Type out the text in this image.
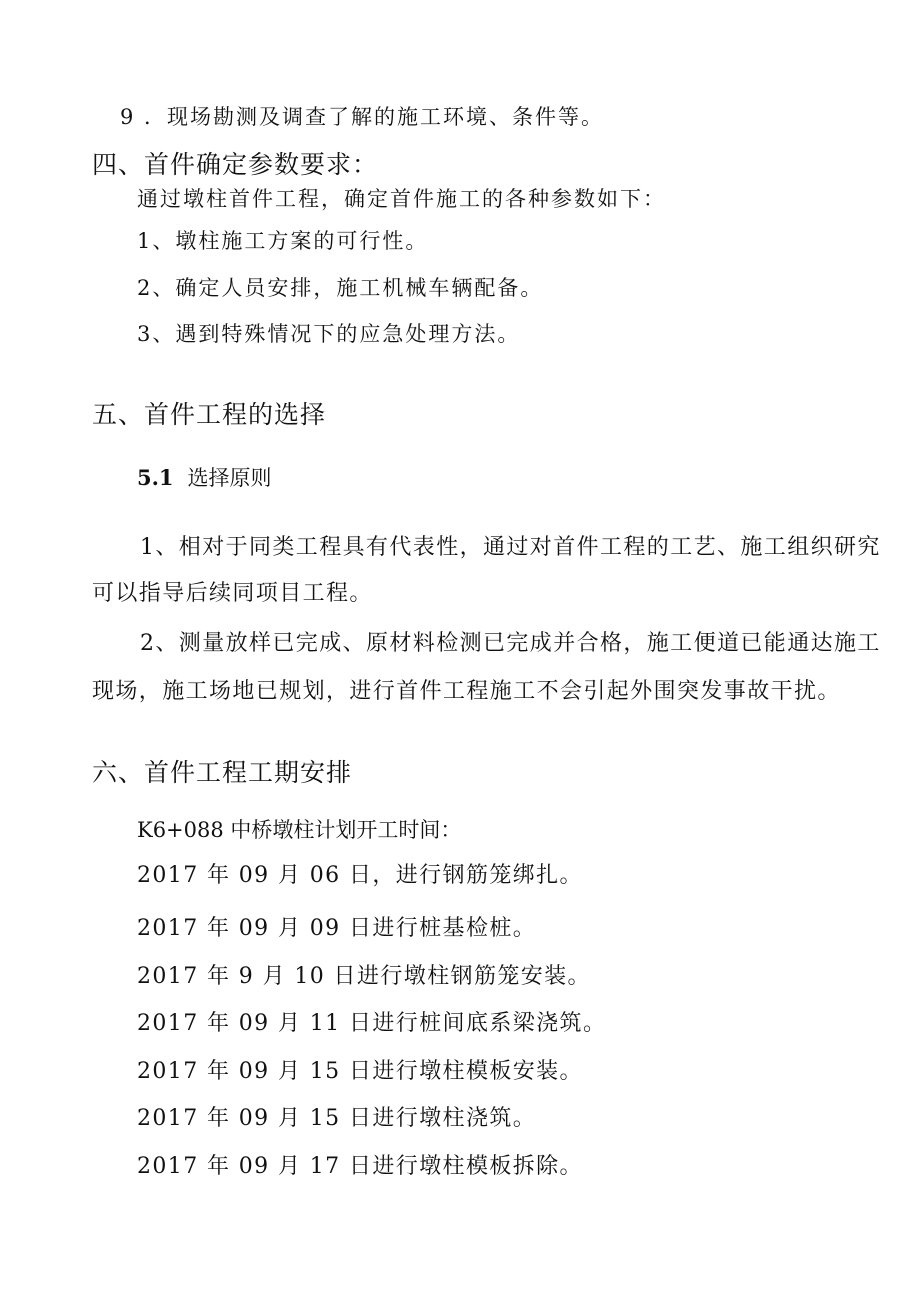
9 ．现场勘测及调查了解的施工环境、条件等。
四、首件确定参数要求：
通过墩柱首件工程，确定首件施工的各种参数如下：
1、墩柱施工方案的可行性。
2、确定人员安排，施工机械车辆配备。
3、遇到特殊情况下的应急处理方法。
五、首件工程的选择
5.1 选择原则
1、相对于同类工程具有代表性，通过对首件工程的工艺、施工组织研究
可以指导后续同项目工程。
2、测量放样已完成、原材料检测已完成并合格，施工便道已能通达施工
现场，施工场地已规划，进行首件工程施工不会引起外围突发事故干扰。
六、首件工程工期安排
K6+088 中桥墩柱计划开工时间：
2017 年 09 月 06 日，进行钢筋笼绑扎。
2017 年 09 月 09 日进行桩基检桩。
2017 年 9 月 10 日进行墩柱钢筋笼安装。
2017 年 09 月 11 日进行桩间底系梁浇筑。
2017 年 09 月 15 日进行墩柱模板安装。
2017 年 09 月 15 日进行墩柱浇筑。
2017 年 09 月 17 日进行墩柱模板拆除。
